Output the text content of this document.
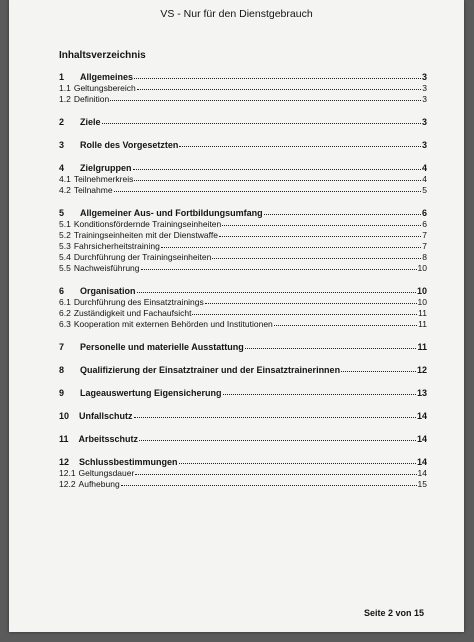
VS - Nur für den Dienstgebrauch
Inhaltsverzeichnis
1 Allgemeines	3
1.1 Geltungsbereich	3
1.2 Definition	3
2 Ziele	3
3 Rolle des Vorgesetzten	3
4 Zielgruppen	4
4.1 Teilnehmerkreis	4
4.2 Teilnahme	5
5 Allgemeiner Aus- und Fortbildungsumfang	6
5.1 Konditionsfördernde Trainingseinheiten	6
5.2 Trainingseinheiten mit der Dienstwaffe	7
5.3 Fahrsicherheitstraining	7
5.4 Durchführung der Trainingseinheiten	8
5.5 Nachweisführung	10
6 Organisation	10
6.1 Durchführung des Einsatztrainings	10
6.2 Zuständigkeit und Fachaufsicht	11
6.3 Kooperation mit externen Behörden und Institutionen	11
7 Personelle und materielle Ausstattung	11
8 Qualifizierung der Einsatztrainer und der Einsatztrainerinnen	12
9 Lageauswertung Eigensicherung	13
10 Unfallschutz	14
11 Arbeitsschutz	14
12 Schlussbestimmungen	14
12.1 Geltungsdauer	14
12.2 Aufhebung	15
Seite 2 von 15
